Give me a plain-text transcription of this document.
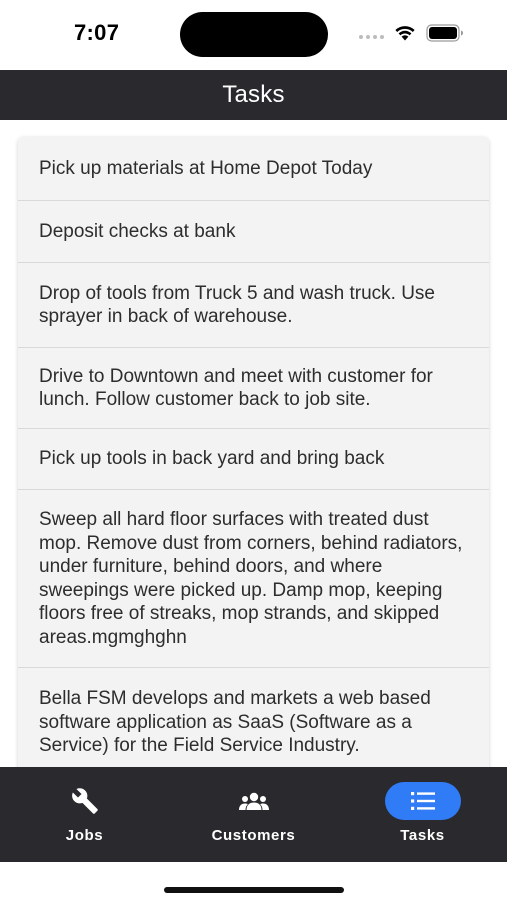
7:07
Tasks
Pick up materials at Home Depot Today
Deposit checks at bank
Drop of tools from Truck 5 and wash truck. Use sprayer in back of warehouse.
Drive to Downtown and meet with customer for lunch. Follow customer back to job site.
Pick up tools in back yard and bring back
Sweep all hard floor surfaces with treated dust mop. Remove dust from corners, behind radiators, under furniture, behind doors, and where sweepings were picked up. Damp mop, keeping floors free of streaks, mop strands, and skipped areas.mgmghghn
Bella FSM develops and markets a web based software application as SaaS (Software as a Service) for the Field Service Industry.
Jobs	Customers	Tasks
